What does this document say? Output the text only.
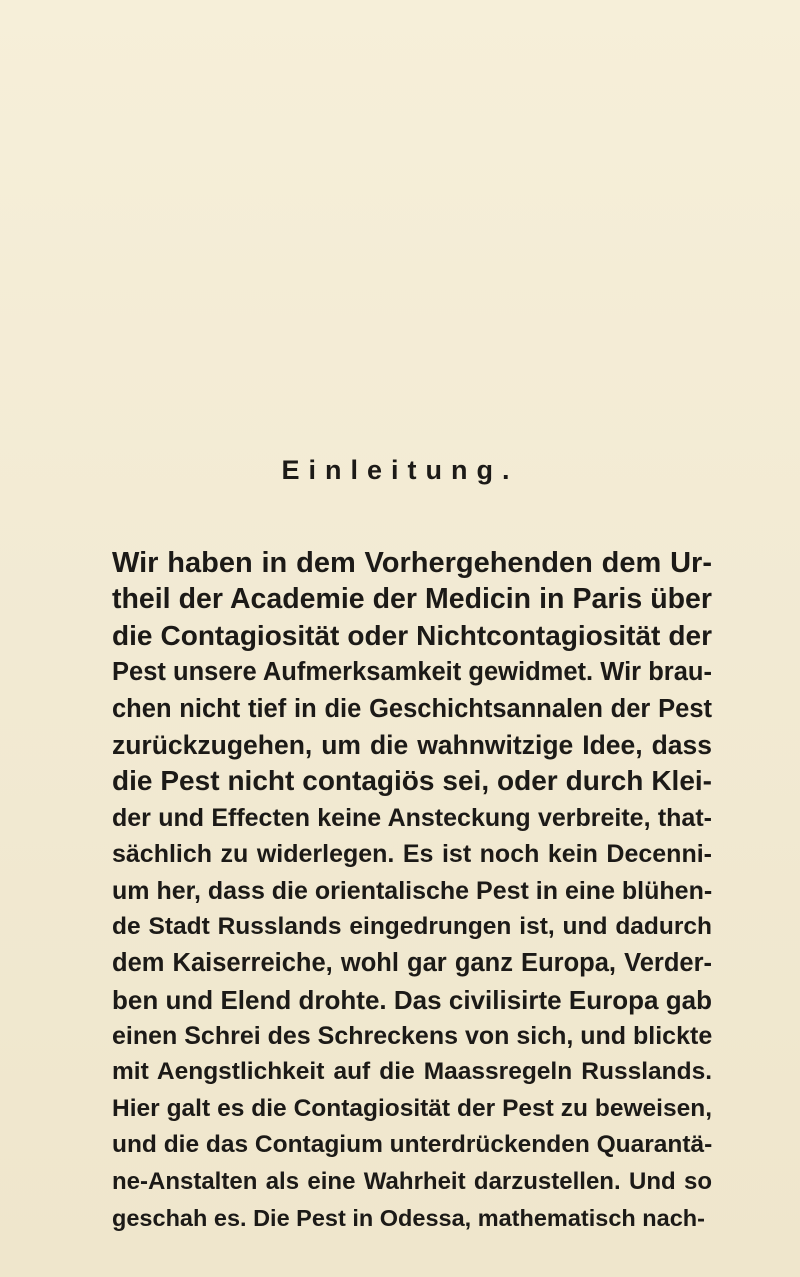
Einleitung.
Wir haben in dem Vorhergehenden dem Ur-
theil der Academie der Medicin in Paris über
die Contagiosität oder Nichtcontagiosität der
Pest unsere Aufmerksamkeit gewidmet. Wir brau-
chen nicht tief in die Geschichtsannalen der Pest
zurückzugehen, um die wahnwitzige Idee, dass
die Pest nicht contagiös sei, oder durch Klei-
der und Effecten keine Ansteckung verbreite, that-
sächlich zu widerlegen. Es ist noch kein Decenni-
um her, dass die orientalische Pest in eine blühen-
de Stadt Russlands eingedrungen ist, und dadurch
dem Kaiserreiche, wohl gar ganz Europa, Verder-
ben und Elend drohte. Das civilisirte Europa gab
einen Schrei des Schreckens von sich, und blickte
mit Aengstlichkeit auf die Maassregeln Russlands.
Hier galt es die Contagiosität der Pest zu beweisen,
und die das Contagium unterdrückenden Quarantä-
ne-Anstalten als eine Wahrheit darzustellen. Und so
geschah es. Die Pest in Odessa, mathematisch nach-
